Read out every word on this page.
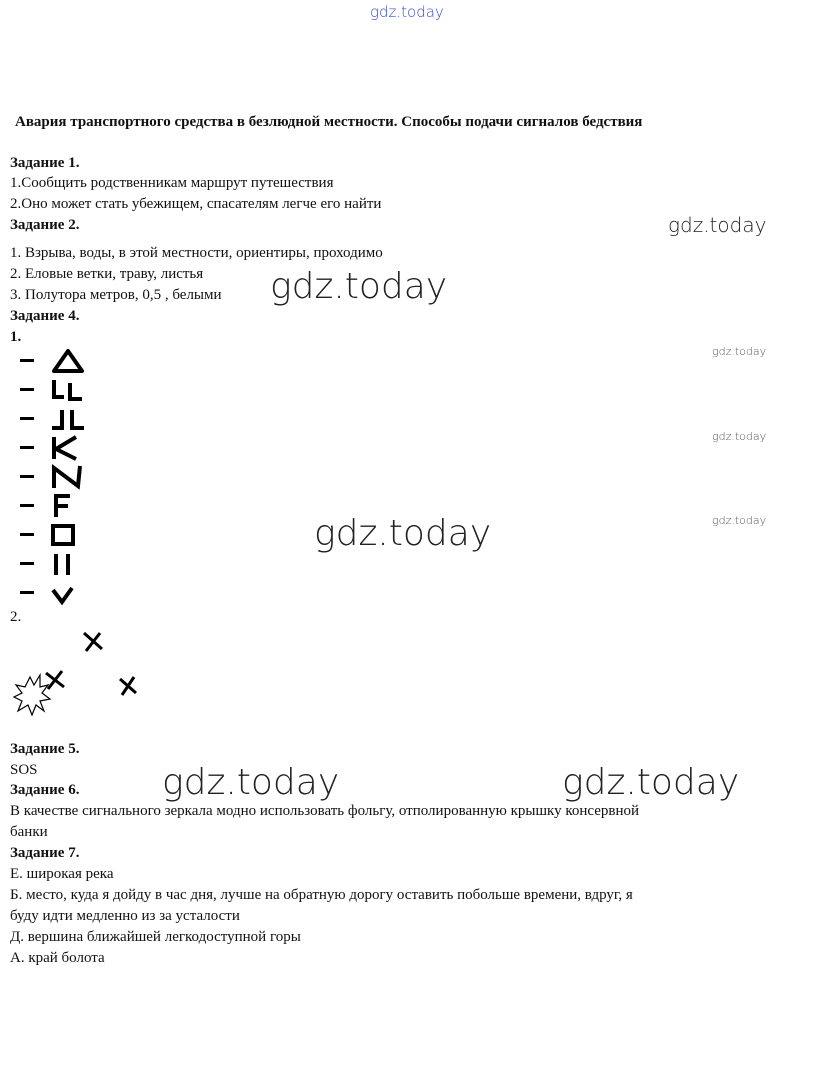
gdz.today
gdz.today
gdz.today
gdz.today
gdz.today
gdz.today
gdz.today
gdz.today	gdz.today
Авария транспортного средства в безлюдной местности. Способы подачи сигналов бедствия
Задание 1.
1.Сообщить родственникам маршрут путешествия
2.Оно может стать убежищем, спасателям легче его найти
Задание 2.
1. Взрыва, воды, в этой местности, ориентиры, проходимо
2. Еловые ветки, траву, листья
3. Полутора метров, 0,5 , белыми
Задание 4.
1.
2.
Задание 5.
SOS
Задание 6.
В качестве сигнального зеркала модно использовать фольгу, отполированную крышку консервной
банки
Задание 7.
Е. широкая река
Б. место, куда я дойду в час дня, лучше на обратную дорогу оставить побольше времени, вдруг, я
буду идти медленно из за усталости
Д. вершина ближайшей легкодоступной горы
А. край болота
